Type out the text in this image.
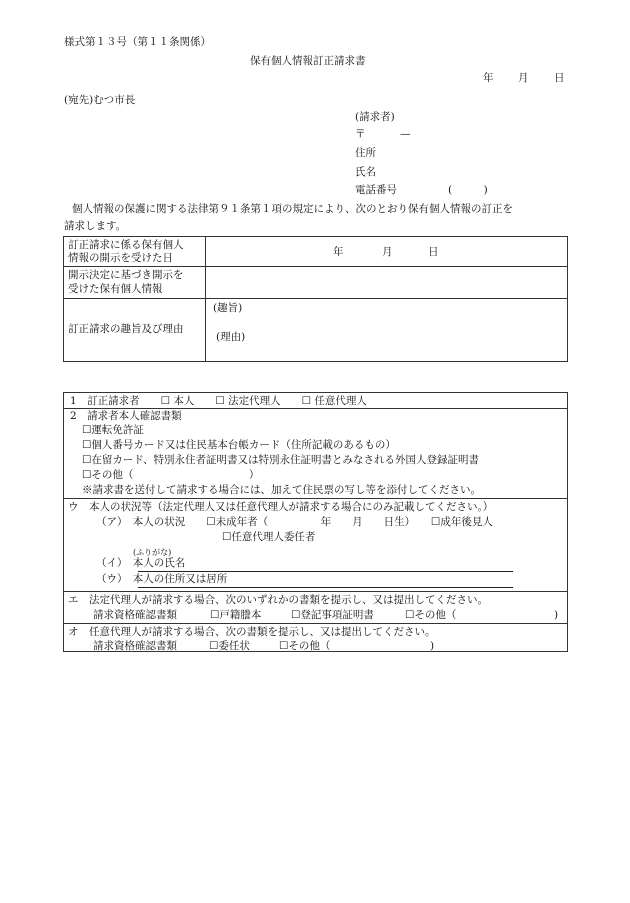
様式第１３号（第１１条関係）
保有個人情報訂正請求書
年 月 日
(宛先)むつ市長
(請求者)
〒	—
住所
氏名
電話番号	(　　　)
個人情報の保護に関する法律第９１条第１項の規定により、次のとおり保有個人情報の訂正を
請求します。
訂正請求に係る保有個人
情報の開示を受けた日	年	月	日
開示決定に基づき開示を
受けた保有個人情報
訂正請求の趣旨及び理由
(趣旨)
(理由)
1　訂正請求者　　☐ 本人　　☐ 法定代理人　　☐ 任意代理人
2　請求者本人確認書類
☐運転免許証
☐個人番号カード又は住民基本台帳カード（住所記載のあるもの）
☐在留カード、特別永住者証明書又は特別永住証明書とみなされる外国人登録証明書
☐その他（　　　　　　　　　　　）
※請求書を送付して請求する場合には、加えて住民票の写し等を添付してください。
ウ　本人の状況等（法定代理人又は任意代理人が請求する場合にのみ記載してください。）
（ア）　本人の状況　　☐未成年者（　　　　　年　　月　　日生）　　☐成年後見人
☐任意代理人委任者
(ふりがな)
（イ）　本人の氏名
（ウ）　本人の住所又は居所
エ　法定代理人が請求する場合、次のいずれかの書類を提示し、又は提出してください。
請求資格確認書類	☐戸籍謄本	☐登記事項証明書	☐その他（	)
オ　任意代理人が請求する場合、次の書類を提示し、又は提出してください。
請求資格確認書類	☐委任状	☐その他（	)
